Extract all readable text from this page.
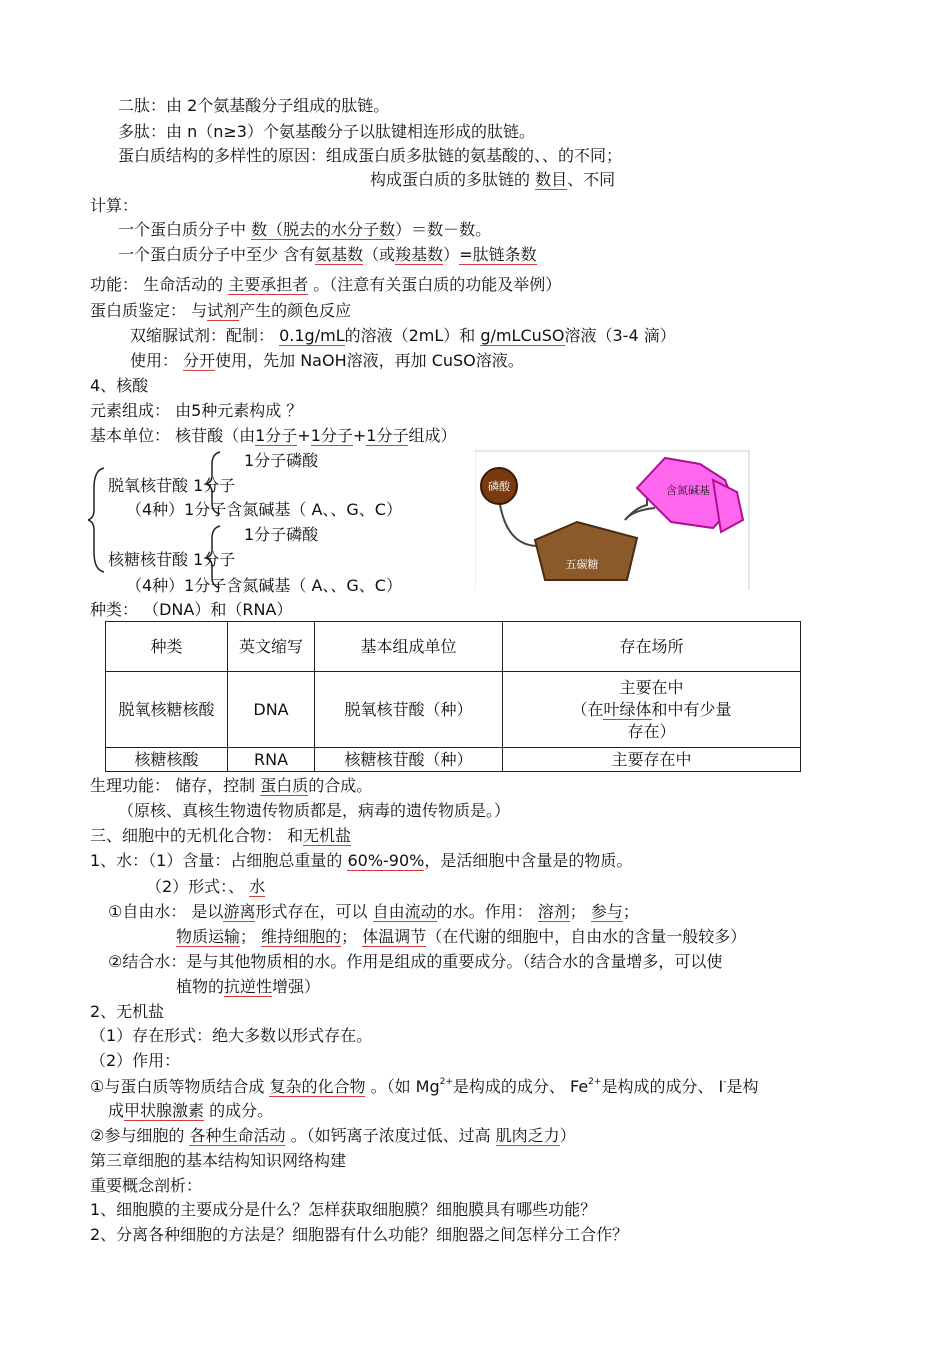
二肽：由 2个氨基酸分子组成的肽链。
多肽：由 n（n≥3）个氨基酸分子以肽键相连形成的肽链。
蛋白质结构的多样性的原因：组成蛋白质多肽链的氨基酸的、、的不同；
构成蛋白质的多肽链的 数目、不同
计算：
一个蛋白质分子中 数（脱去的水分子数）＝数－数。
一个蛋白质分子中至少 含有氨基数（或羧基数）=肽链条数
功能： 生命活动的 主要承担者 。（注意有关蛋白质的功能及举例）
蛋白质鉴定： 与试剂产生的颜色反应
双缩脲试剂：配制： 0.1g/mL的溶液（2mL）和 g/mLCuSO溶液（3-4 滴）
使用： 分开使用，先加 NaOH溶液，再加 CuSO溶液。
4、核酸
元素组成： 由5种元素构成 ？
基本单位： 核苷酸（由1分子+1分子+1分子组成）
1分子磷酸
脱氧核苷酸 1分子
（4种）1分子含氮碱基（ A、、G、C）
1分子磷酸
核糖核苷酸 1分子
（4种）1分子含氮碱基（ A、、G、C）
磷酸
五碳糖
含氮碱基
种类： （DNA）和（RNA）
种类	英文缩写	基本组成单位	存在场所
脱氧核糖核酸	DNA	脱氧核苷酸（种）	主要在中
（在叶绿体和中有少量
存在）
核糖核酸	RNA	核糖核苷酸（种）	主要存在中
生理功能： 储存，控制 蛋白质的合成。
（原核、真核生物遗传物质都是，病毒的遗传物质是。）
三、细胞中的无机化合物： 和无机盐
1、水：（1）含量：占细胞总重量的 60%-90%，是活细胞中含量是的物质。
（2）形式：、 水
①自由水： 是以游离形式存在，可以 自由流动的水。作用： 溶剂； 参与；
物质运输； 维持细胞的； 体温调节（在代谢的细胞中，自由水的含量一般较多）
②结合水：是与其他物质相的水。作用是组成的重要成分。（结合水的含量增多，可以使
植物的抗逆性增强）
2、无机盐
（1）存在形式：绝大多数以形式存在。
（2）作用：
①与蛋白质等物质结合成 复杂的化合物 。（如 $Mg^{2+}$是构成的成分、 $Fe^{2+}$是构成的成分、 I-是构
成甲状腺激素 的成分。
②参与细胞的 各种生命活动 。（如钙离子浓度过低、过高 肌肉乏力）
第三章细胞的基本结构知识网络构建
重要概念剖析：
1、细胞膜的主要成分是什么？怎样获取细胞膜？细胞膜具有哪些功能？
2、分离各种细胞的方法是？细胞器有什么功能？细胞器之间怎样分工合作？
